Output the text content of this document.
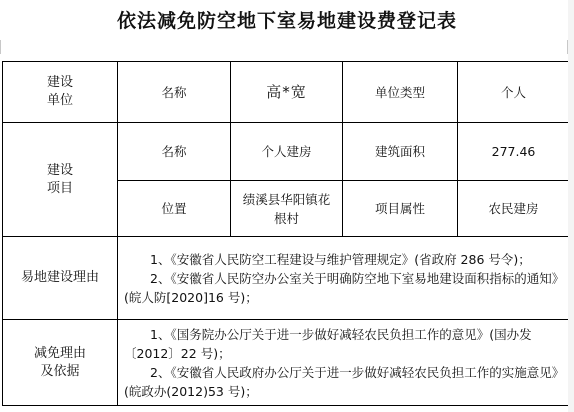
依法减免防空地下室易地建设费登记表
建设
单位	名称	高*宽	单位类型	个人

建设
项目	名称	个人建房	建筑面积	277.46
	位置	绩溪县华阳镇花根村	项目属性	农民建房
易地建设理由	1、《安徽省人民防空工程建设与维护管理规定》(省政府 286 号令)；
2、《安徽省人民防空办公室关于明确防空地下室易地建设面积指标的通知》(皖人防[2020]16 号)；			

减免理由
及依据	1、《国务院办公厅关于进一步做好减轻农民负担工作的意见》(国办发〔2012〕22 号)；
2、《安徽省人民政府办公厅关于进一步做好减轻农民负担工作的实施意见》(皖政办(2012)53 号)；			
